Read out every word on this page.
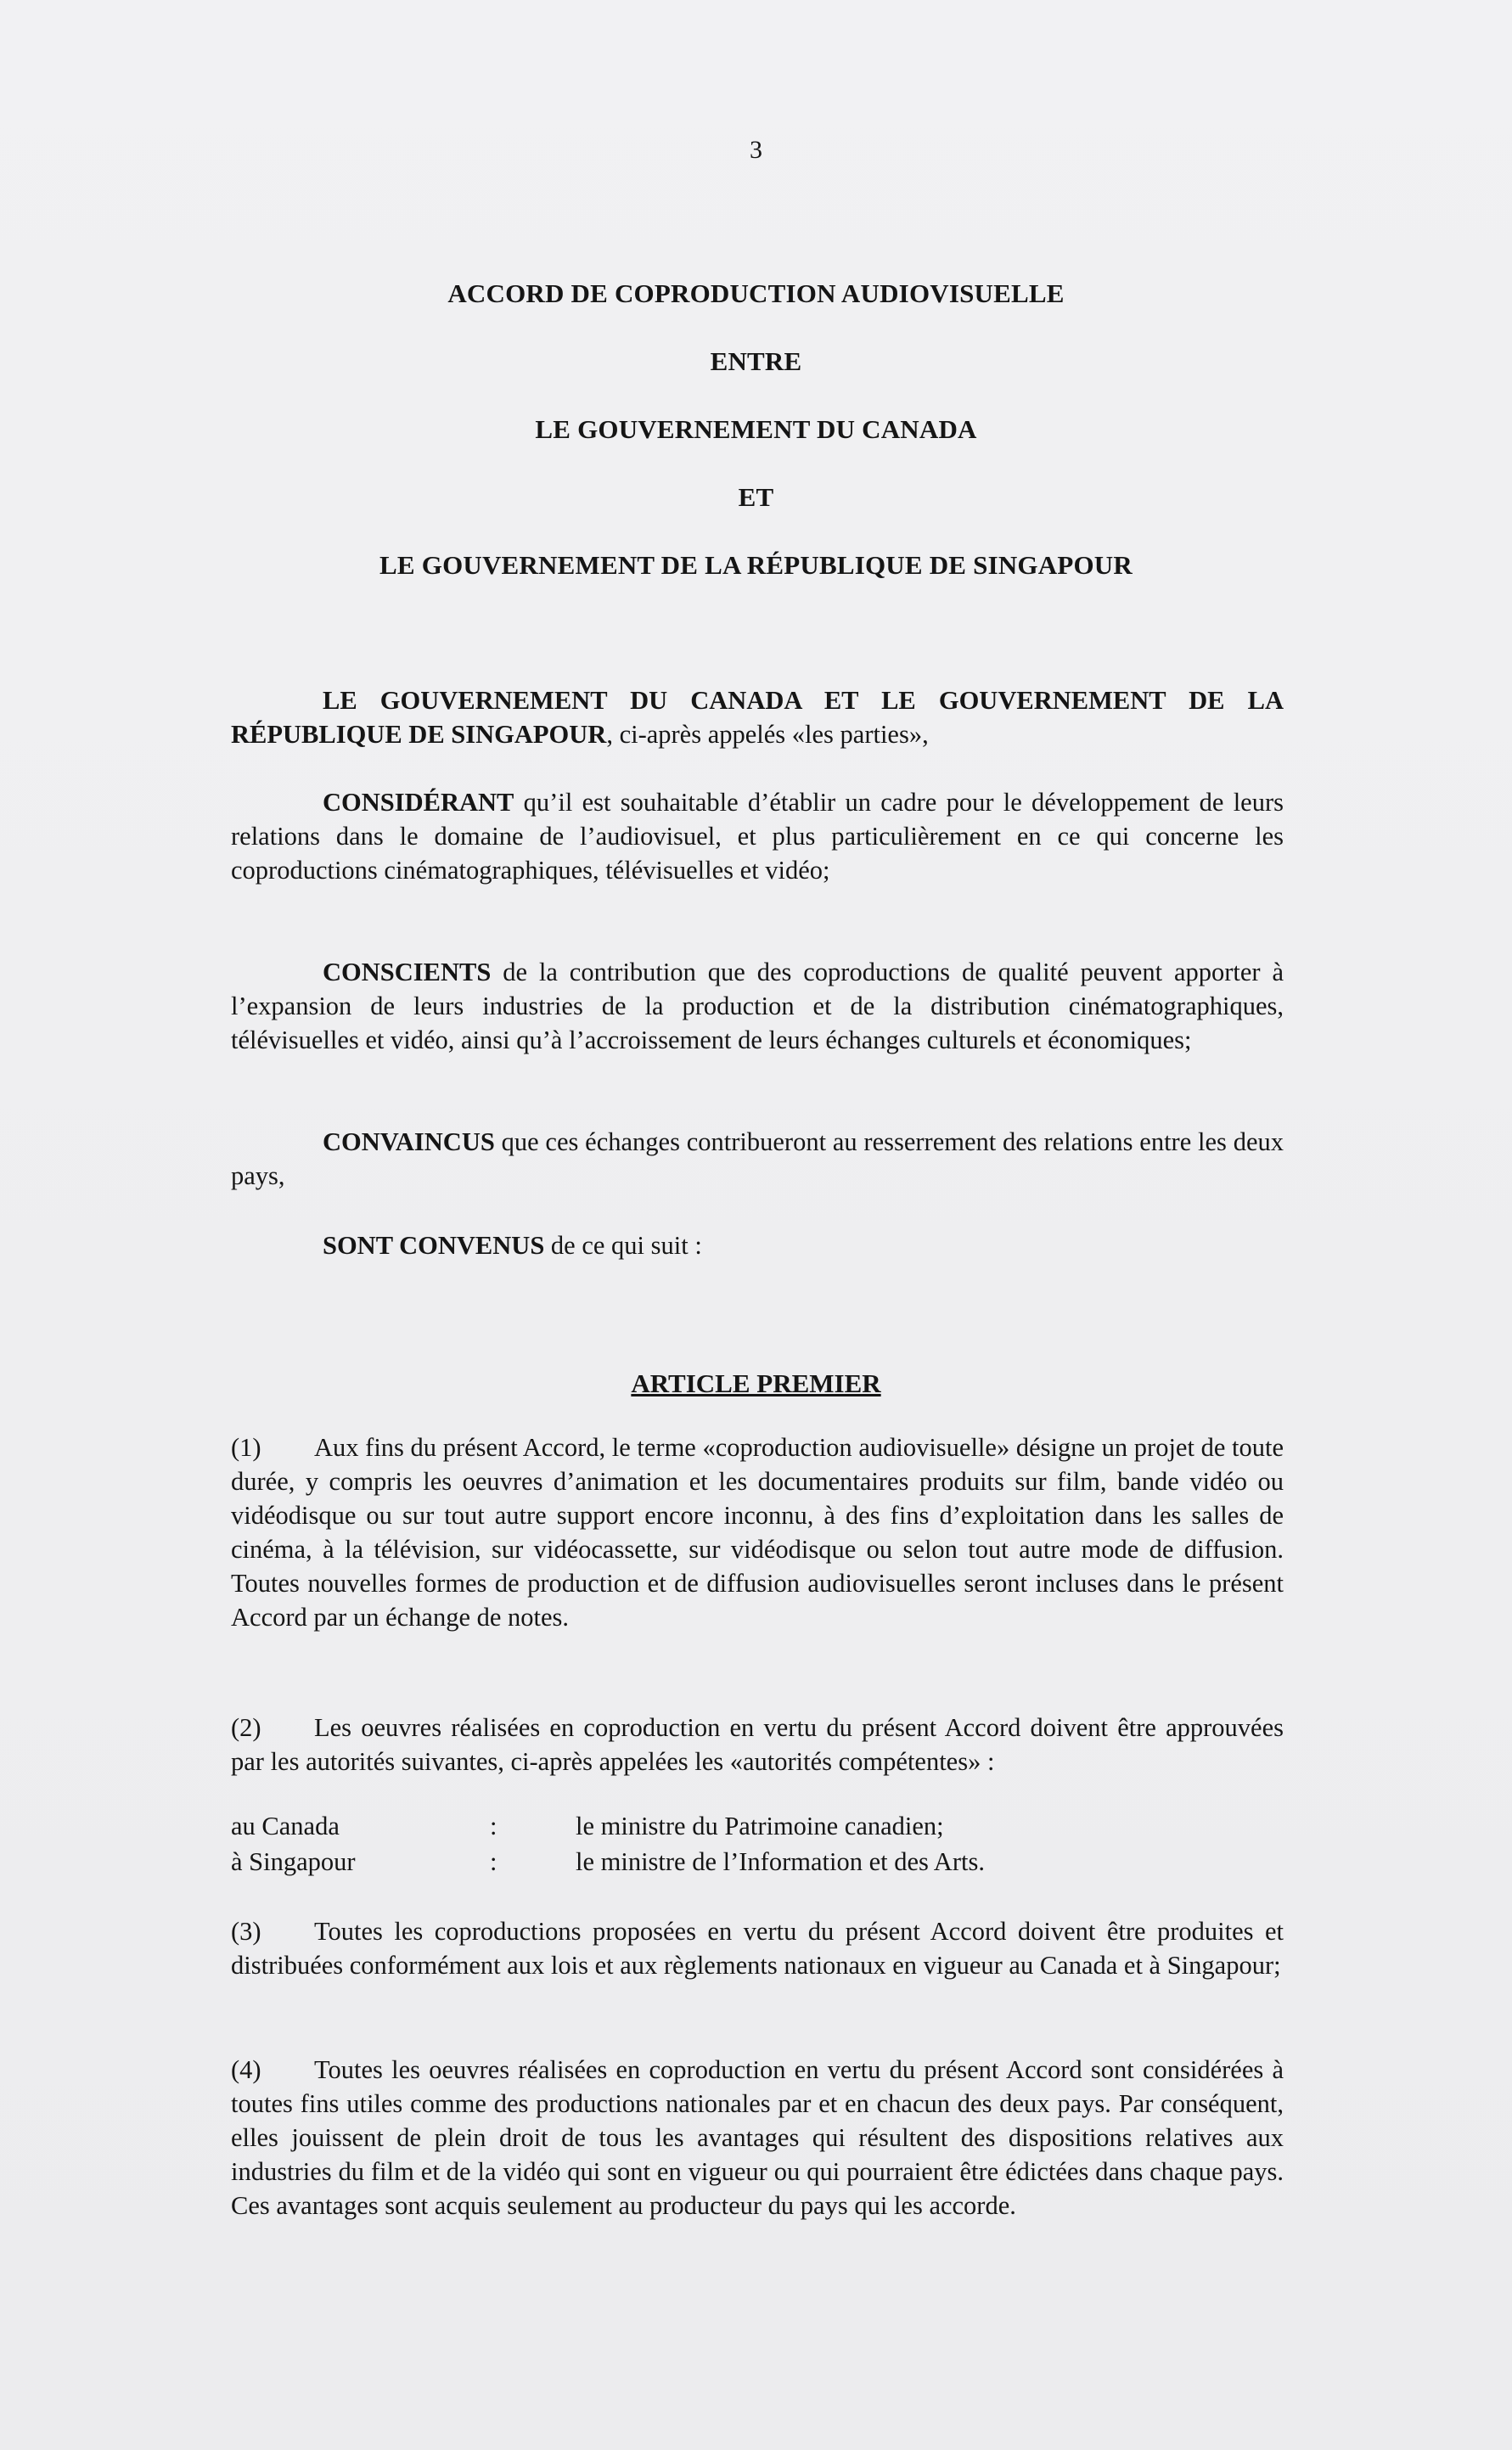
3
ACCORD DE COPRODUCTION AUDIOVISUELLE
ENTRE
LE GOUVERNEMENT DU CANADA
ET
LE GOUVERNEMENT DE LA RÉPUBLIQUE DE SINGAPOUR
LE GOUVERNEMENT DU CANADA ET LE GOUVERNEMENT DE LA RÉPUBLIQUE DE SINGAPOUR, ci-après appelés «les parties»,
CONSIDÉRANT qu’il est souhaitable d’établir un cadre pour le développement de leurs relations dans le domaine de l’audiovisuel, et plus particulièrement en ce qui concerne les coproductions cinématographiques, télévisuelles et vidéo;
CONSCIENTS de la contribution que des coproductions de qualité peuvent apporter à l’expansion de leurs industries de la production et de la distribution cinématographiques, télévisuelles et vidéo, ainsi qu’à l’accroissement de leurs échanges culturels et économiques;
CONVAINCUS que ces échanges contribueront au resserrement des relations entre les deux pays,
SONT CONVENUS de ce qui suit :
ARTICLE PREMIER
(1) Aux fins du présent Accord, le terme «coproduction audiovisuelle» désigne un projet de toute durée, y compris les oeuvres d’animation et les documentaires produits sur film, bande vidéo ou vidéodisque ou sur tout autre support encore inconnu, à des fins d’exploitation dans les salles de cinéma, à la télévision, sur vidéocassette, sur vidéodisque ou selon tout autre mode de diffusion. Toutes nouvelles formes de production et de diffusion audiovisuelles seront incluses dans le présent Accord par un échange de notes.
(2) Les oeuvres réalisées en coproduction en vertu du présent Accord doivent être approuvées par les autorités suivantes, ci-après appelées les «autorités compétentes» :
au Canada	:	le ministre du Patrimoine canadien;
à Singapour	:	le ministre de l’Information et des Arts.
(3) Toutes les coproductions proposées en vertu du présent Accord doivent être produites et distribuées conformément aux lois et aux règlements nationaux en vigueur au Canada et à Singapour;
(4) Toutes les oeuvres réalisées en coproduction en vertu du présent Accord sont considérées à toutes fins utiles comme des productions nationales par et en chacun des deux pays. Par conséquent, elles jouissent de plein droit de tous les avantages qui résultent des dispositions relatives aux industries du film et de la vidéo qui sont en vigueur ou qui pourraient être édictées dans chaque pays. Ces avantages sont acquis seulement au producteur du pays qui les accorde.
